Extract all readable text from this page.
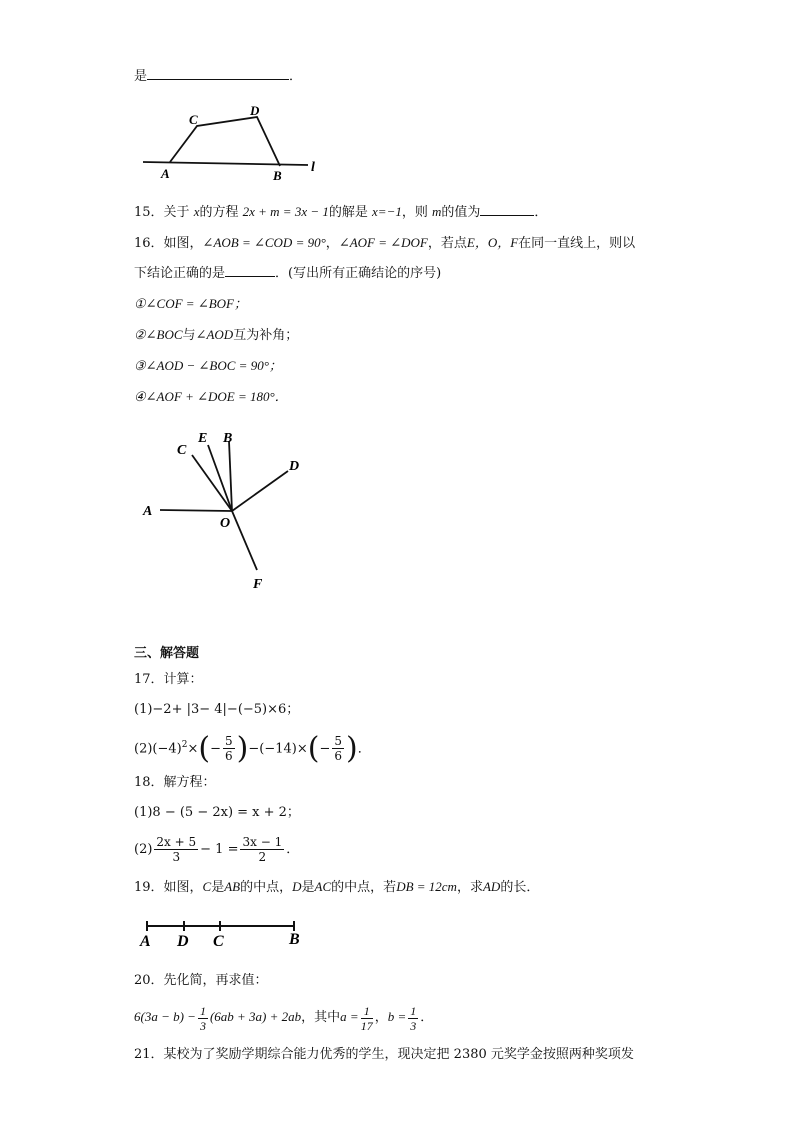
是	．
A
C
D
B
l
15．关于 x的方程 2x + m = 3x − 1的解是 x=−1，则 m的值为	．
16．如图，∠AOB = ∠COD = 90°，∠AOF = ∠DOF，若点E，O，F在同一直线上，则以
下结论正确的是	．(写出所有正确结论的序号)
①∠COF = ∠BOF；
②∠BOC与∠AOD互为补角；
③∠AOD − ∠BOC = 90°；
④∠AOF + ∠DOE = 180°．
C
E B
D
A
O
F
三、解答题
17．计算：
(1)−2+ |3− 4|−(−5)×6；
$(2)(-4)^2\times(- \frac{5}{6} )-(-14)\times(- \frac{5}{6}$ )．
18．解方程：
(1)8 − (5 − 2x) = x + 2；
$(2) \frac{2x + 5}{3} - 1 = \frac{3x - 1}{2}$ ．
19．如图，C是AB的中点，D是AC的中点，若DB = 12cm，求AD的长．
A D C	B
20．先化简，再求值：
$6(3a - b) - \frac{1}{3} (6ab + 3a) + 2ab$，其中$a = \frac{1}{17}$ ，$b = \frac{1}{3}$ ．
21．某校为了奖励学期综合能力优秀的学生，现决定把 2380 元奖学金按照两种奖项发
